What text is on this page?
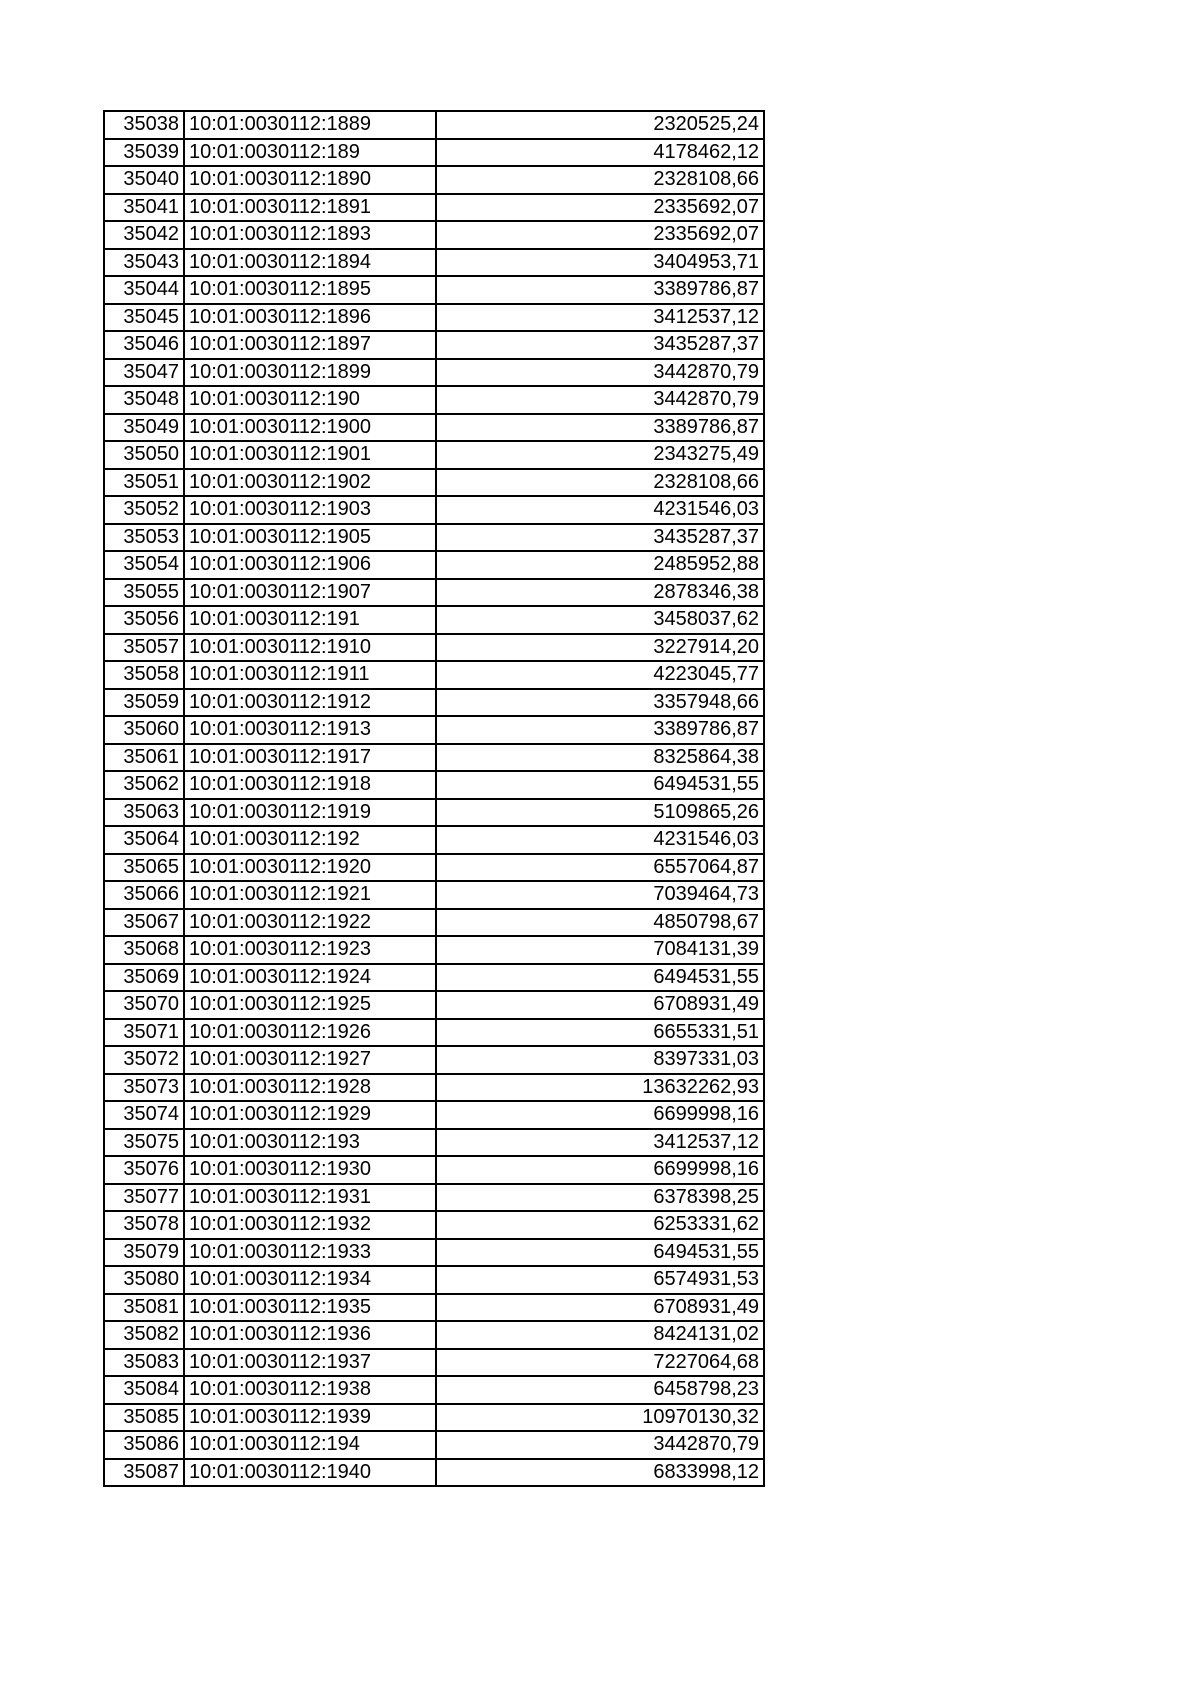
35038	10:01:0030112:1889	2320525,24
35039	10:01:0030112:189	4178462,12
35040	10:01:0030112:1890	2328108,66
35041	10:01:0030112:1891	2335692,07
35042	10:01:0030112:1893	2335692,07
35043	10:01:0030112:1894	3404953,71
35044	10:01:0030112:1895	3389786,87
35045	10:01:0030112:1896	3412537,12
35046	10:01:0030112:1897	3435287,37
35047	10:01:0030112:1899	3442870,79
35048	10:01:0030112:190	3442870,79
35049	10:01:0030112:1900	3389786,87
35050	10:01:0030112:1901	2343275,49
35051	10:01:0030112:1902	2328108,66
35052	10:01:0030112:1903	4231546,03
35053	10:01:0030112:1905	3435287,37
35054	10:01:0030112:1906	2485952,88
35055	10:01:0030112:1907	2878346,38
35056	10:01:0030112:191	3458037,62
35057	10:01:0030112:1910	3227914,20
35058	10:01:0030112:1911	4223045,77
35059	10:01:0030112:1912	3357948,66
35060	10:01:0030112:1913	3389786,87
35061	10:01:0030112:1917	8325864,38
35062	10:01:0030112:1918	6494531,55
35063	10:01:0030112:1919	5109865,26
35064	10:01:0030112:192	4231546,03
35065	10:01:0030112:1920	6557064,87
35066	10:01:0030112:1921	7039464,73
35067	10:01:0030112:1922	4850798,67
35068	10:01:0030112:1923	7084131,39
35069	10:01:0030112:1924	6494531,55
35070	10:01:0030112:1925	6708931,49
35071	10:01:0030112:1926	6655331,51
35072	10:01:0030112:1927	8397331,03
35073	10:01:0030112:1928	13632262,93
35074	10:01:0030112:1929	6699998,16
35075	10:01:0030112:193	3412537,12
35076	10:01:0030112:1930	6699998,16
35077	10:01:0030112:1931	6378398,25
35078	10:01:0030112:1932	6253331,62
35079	10:01:0030112:1933	6494531,55
35080	10:01:0030112:1934	6574931,53
35081	10:01:0030112:1935	6708931,49
35082	10:01:0030112:1936	8424131,02
35083	10:01:0030112:1937	7227064,68
35084	10:01:0030112:1938	6458798,23
35085	10:01:0030112:1939	10970130,32
35086	10:01:0030112:194	3442870,79
35087	10:01:0030112:1940	6833998,12
